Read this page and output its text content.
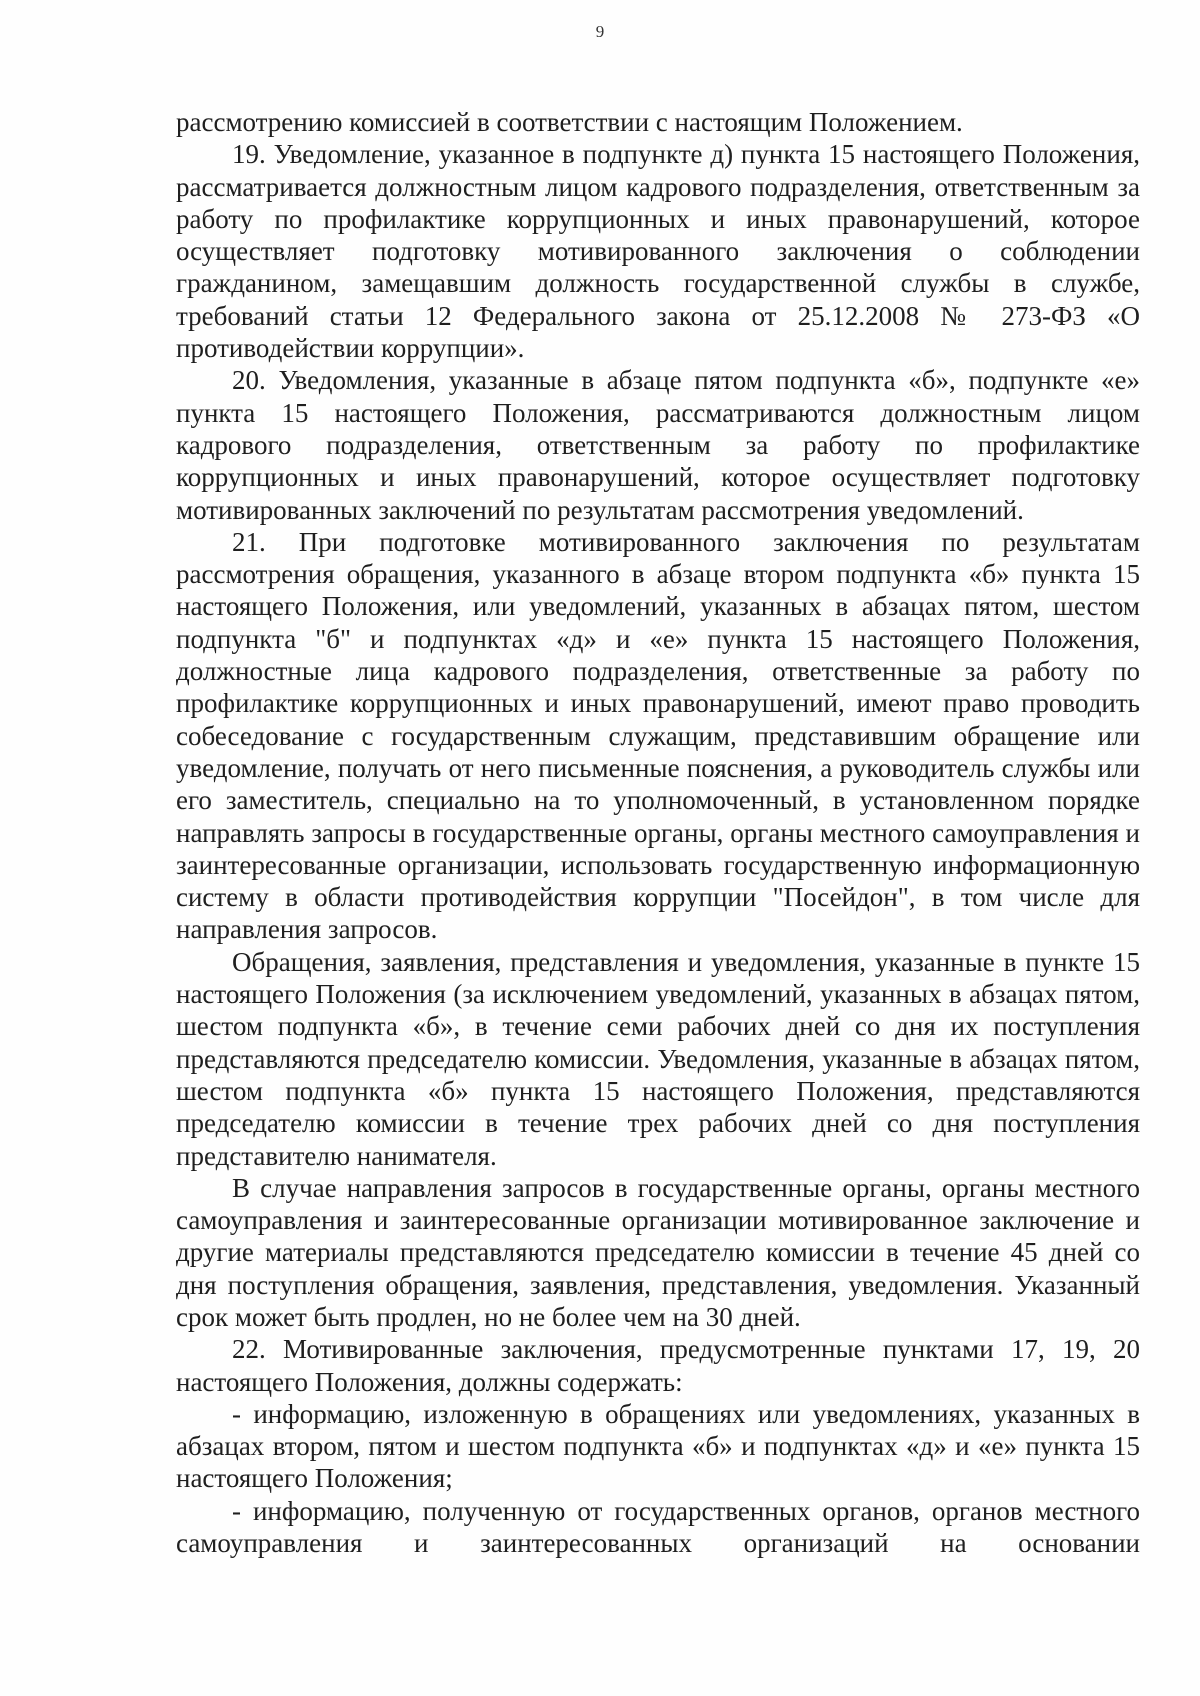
9

рассмотрению комиссией в соответствии с настоящим Положением.

19. Уведомление, указанное в подпункте д) пункта 15 настоящего Положения, рассматривается должностным лицом кадрового подразделения, ответственным за работу по профилактике коррупционных и иных правонарушений, которое осуществляет подготовку мотивированного заключения о соблюдении гражданином, замещавшим должность государственной службы в службе, требований статьи 12 Федерального закона от 25.12.2008 № 273-ФЗ «О противодействии коррупции».

20. Уведомления, указанные в абзаце пятом подпункта «б», подпункте «е» пункта 15 настоящего Положения, рассматриваются должностным лицом кадрового подразделения, ответственным за работу по профилактике коррупционных и иных правонарушений, которое осуществляет подготовку мотивированных заключений по результатам рассмотрения уведомлений.

21. При подготовке мотивированного заключения по результатам рассмотрения обращения, указанного в абзаце втором подпункта «б» пункта 15 настоящего Положения, или уведомлений, указанных в абзацах пятом, шестом подпункта "б" и подпунктах «д» и «е» пункта 15 настоящего Положения, должностные лица кадрового подразделения, ответственные за работу по профилактике коррупционных и иных правонарушений, имеют право проводить собеседование с государственным служащим, представившим обращение или уведомление, получать от него письменные пояснения, а руководитель службы или его заместитель, специально на то уполномоченный, в установленном порядке направлять запросы в государственные органы, органы местного самоуправления и заинтересованные организации, использовать государственную информационную систему в области противодействия коррупции "Посейдон", в том числе для направления запросов.

Обращения, заявления, представления и уведомления, указанные в пункте 15 настоящего Положения (за исключением уведомлений, указанных в абзацах пятом, шестом подпункта «б», в течение семи рабочих дней со дня их поступления представляются председателю комиссии. Уведомления, указанные в абзацах пятом, шестом подпункта «б» пункта 15 настоящего Положения, представляются председателю комиссии в течение трех рабочих дней со дня поступления представителю нанимателя.

В случае направления запросов в государственные органы, органы местного самоуправления и заинтересованные организации мотивированное заключение и другие материалы представляются председателю комиссии в течение 45 дней со дня поступления обращения, заявления, представления, уведомления. Указанный срок может быть продлен, но не более чем на 30 дней.

22. Мотивированные заключения, предусмотренные пунктами 17, 19, 20 настоящего Положения, должны содержать:

- информацию, изложенную в обращениях или уведомлениях, указанных в абзацах втором, пятом и шестом подпункта «б» и подпунктах «д» и «е» пункта 15 настоящего Положения;

- информацию, полученную от государственных органов, органов местного самоуправления и заинтересованных организаций на основании
